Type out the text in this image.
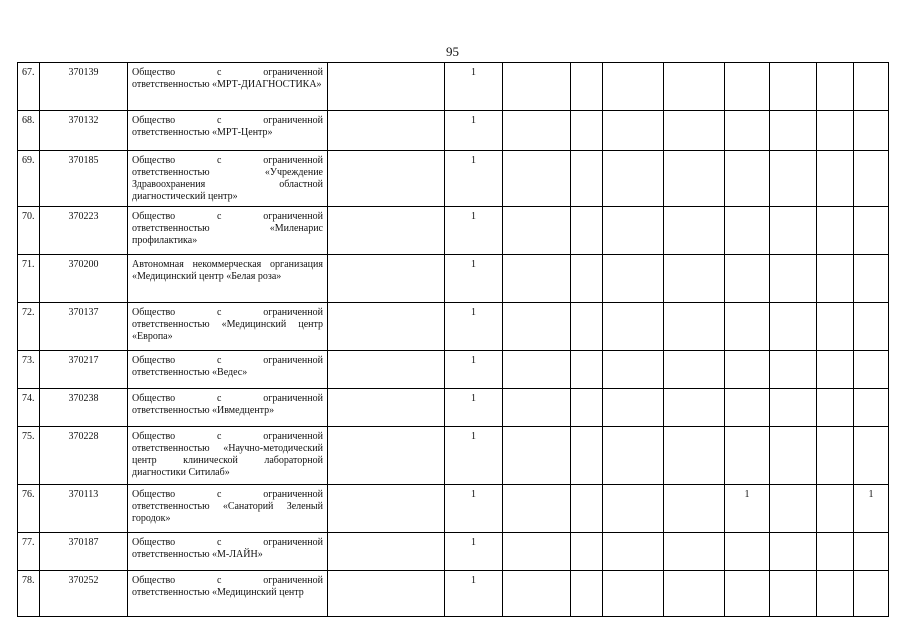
95
67.	370139	Общество с ограниченной ответственностью «МРТ-ДИАГНОСТИКА»		1								
68.	370132	Общество с ограниченной ответственностью «МРТ-Центр»		1								
69.	370185	Общество с ограниченной ответственностью «Учреждение Здравоохранения областной диагностический центр»		1								
70.	370223	Общество с ограниченной ответственностью «Миленарис профилактика»		1								
71.	370200	Автономная некоммерческая организация «Медицинский центр «Белая роза»		1								
72.	370137	Общество с ограниченной ответственностью «Медицинский центр «Европа»		1								
73.	370217	Общество с ограниченной ответственностью «Ведес»		1								
74.	370238	Общество с ограниченной ответственностью «Ивмедцентр»		1								
75.	370228	Общество с ограниченной ответственностью «Научно-методический центр клинической лабораторной диагностики Ситилаб»		1								
76.	370113	Общество с ограниченной ответственностью «Санаторий Зеленый городок»		1					1			1
77.	370187	Общество с ограниченной ответственностью «М-ЛАЙН»		1								
78.	370252	Общество с ограниченной ответственностью «Медицинский центр		1								
